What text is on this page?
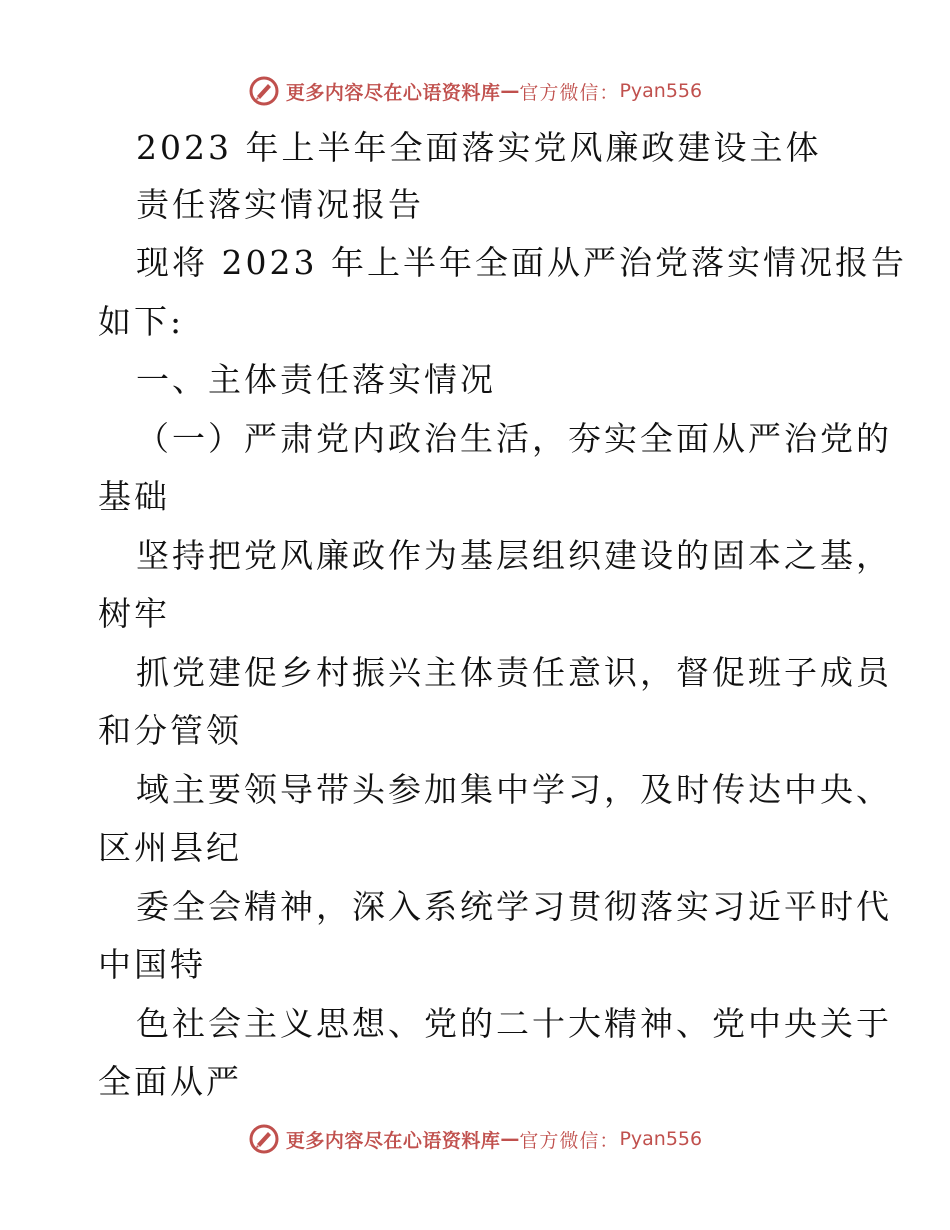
更多内容尽在心语资料库 — 官方微信： Pyan556
2023 年上半年全面落实党风廉政建设主体
责任落实情况报告
现将 2023 年上半年全面从严治党落实情况报告
如下:
一、主体责任落实情况
（一）严肃党内政治生活，夯实全面从严治党的
基础
坚持把党风廉政作为基层组织建设的固本之基，
树牢
抓党建促乡村振兴主体责任意识，督促班子成员
和分管领
域主要领导带头参加集中学习，及时传达中央、
区州县纪
委全会精神，深入系统学习贯彻落实习近平时代
中国特
色社会主义思想、党的二十大精神、党中央关于
全面从严
更多内容尽在心语资料库 — 官方微信： Pyan556
